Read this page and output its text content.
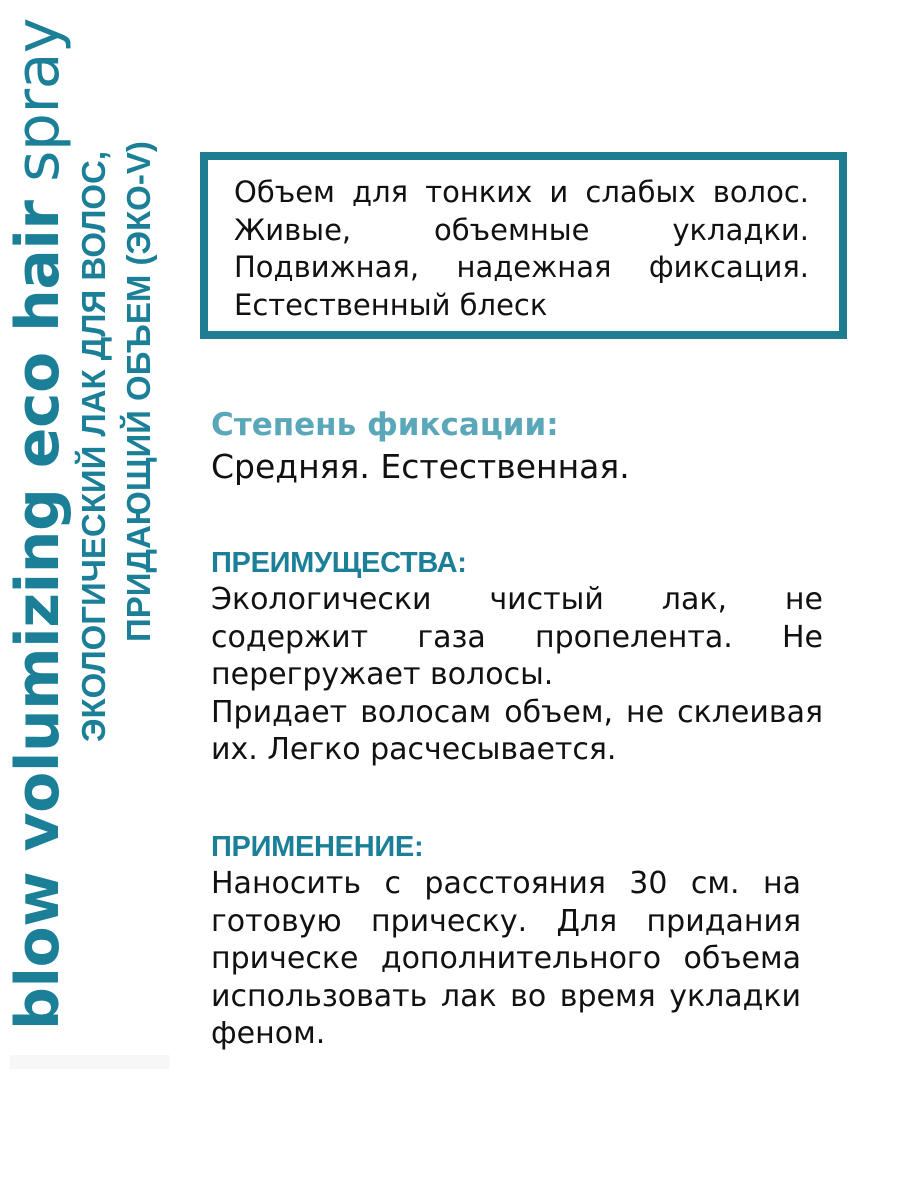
blow volumizing eco hair spray
ЭКОЛОГИЧЕСКИЙ ЛАК ДЛЯ ВОЛОС, ПРИДАЮЩИЙ ОБЪЕМ (ЭКО-V)	Объем для тонких и слабых волос. Живые, объемные укладки. Подвижная, надежная фиксация. Естественный блеск
Степень фиксации:
Средняя. Естественная.
ПРЕИМУЩЕСТВА:
Экологически чистый лак, не содержит газа пропелента. Не перегружает волосы.
Придает волосам объем, не склеивая их. Легко расчесывается.
ПРИМЕНЕНИЕ:
Наносить с расстояния 30 см. на готовую прическу. Для придания прическе дополнительного объема использовать лак во время укладки феном.
